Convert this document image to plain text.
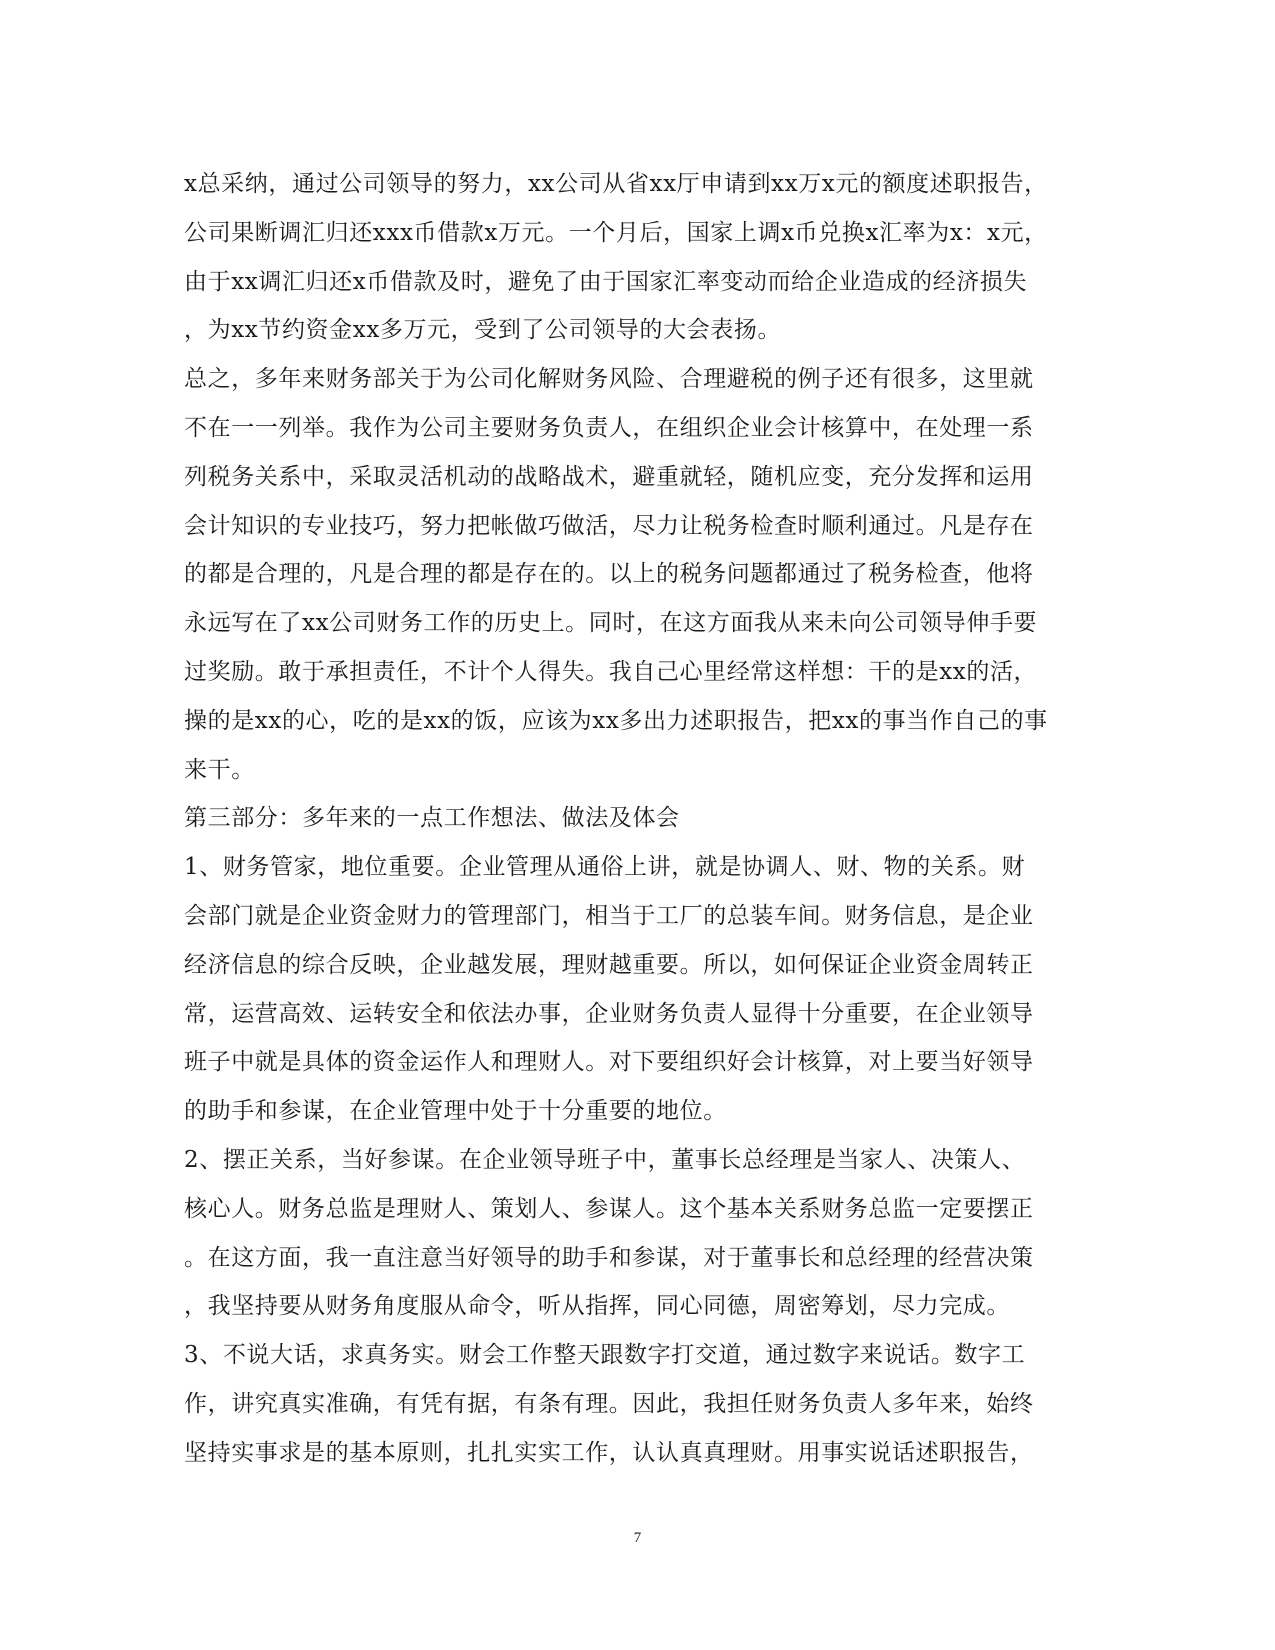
x总采纳，通过公司领导的努力，xx公司从省xx厅申请到xx万x元的额度述职报告，
公司果断调汇归还xxx币借款x万元。一个月后，国家上调x币兑换x汇率为x：x元，
由于xx调汇归还x币借款及时，避免了由于国家汇率变动而给企业造成的经济损失
，为xx节约资金xx多万元，受到了公司领导的大会表扬。
总之，多年来财务部关于为公司化解财务风险、合理避税的例子还有很多，这里就
不在一一列举。我作为公司主要财务负责人，在组织企业会计核算中，在处理一系
列税务关系中，采取灵活机动的战略战术，避重就轻，随机应变，充分发挥和运用
会计知识的专业技巧，努力把帐做巧做活，尽力让税务检查时顺利通过。凡是存在
的都是合理的，凡是合理的都是存在的。以上的税务问题都通过了税务检查，他将
永远写在了xx公司财务工作的历史上。同时，在这方面我从来未向公司领导伸手要
过奖励。敢于承担责任，不计个人得失。我自己心里经常这样想：干的是xx的活，
操的是xx的心，吃的是xx的饭，应该为xx多出力述职报告，把xx的事当作自己的事
来干。
第三部分：多年来的一点工作想法、做法及体会
1、财务管家，地位重要。企业管理从通俗上讲，就是协调人、财、物的关系。财
会部门就是企业资金财力的管理部门，相当于工厂的总装车间。财务信息，是企业
经济信息的综合反映，企业越发展，理财越重要。所以，如何保证企业资金周转正
常，运营高效、运转安全和依法办事，企业财务负责人显得十分重要，在企业领导
班子中就是具体的资金运作人和理财人。对下要组织好会计核算，对上要当好领导
的助手和参谋，在企业管理中处于十分重要的地位。
2、摆正关系，当好参谋。在企业领导班子中，董事长总经理是当家人、决策人、
核心人。财务总监是理财人、策划人、参谋人。这个基本关系财务总监一定要摆正
。在这方面，我一直注意当好领导的助手和参谋，对于董事长和总经理的经营决策
，我坚持要从财务角度服从命令，听从指挥，同心同德，周密筹划，尽力完成。
3、不说大话，求真务实。财会工作整天跟数字打交道，通过数字来说话。数字工
作，讲究真实准确，有凭有据，有条有理。因此，我担任财务负责人多年来，始终
坚持实事求是的基本原则，扎扎实实工作，认认真真理财。用事实说话述职报告，
7
